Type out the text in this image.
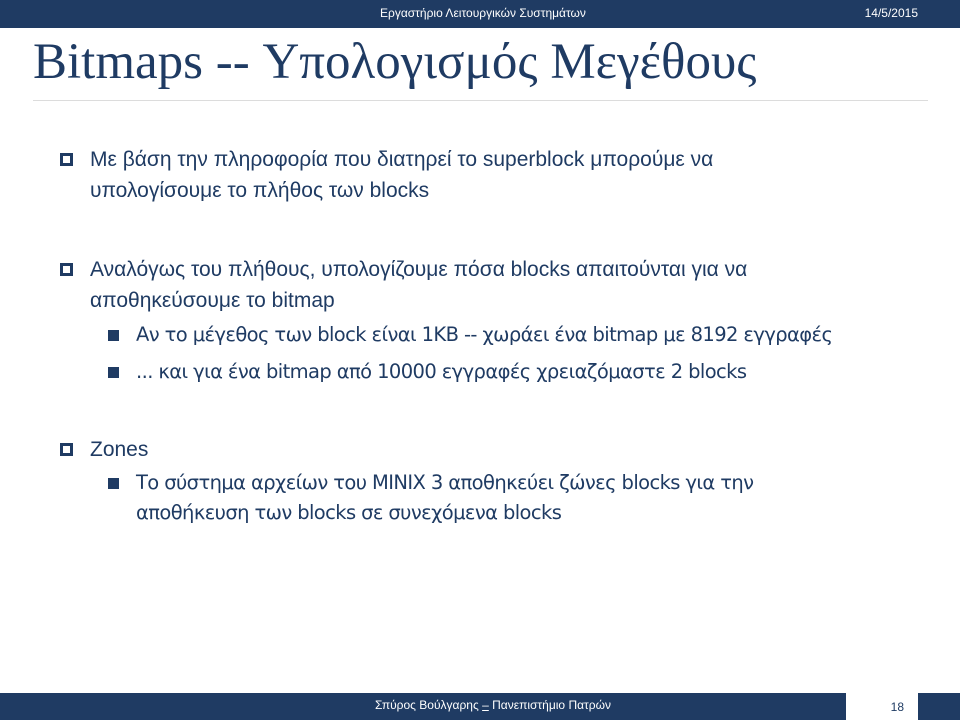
Εργαστήριο Λειτουργικών Συστημάτων	14/5/2015
Bitmaps -- Υπολογισμός Μεγέθους
Με βάση την πληροφορία που διατηρεί το superblock μπορούμε να
υπολογίσουμε το πλήθος των blocks
Αναλόγως του πλήθους, υπολογίζουμε πόσα blocks απαιτούνται για να
αποθηκεύσουμε το bitmap
Αν το μέγεθος των block είναι 1KB -- χωράει ένα bitmap με 8192 εγγραφές
... και για ένα bitmap από 10000 εγγραφές χρειαζόμαστε 2 blocks
Zones
Το σύστημα αρχείων του MINIX 3 αποθηκεύει ζώνες blocks για την
αποθήκευση των blocks σε συνεχόμενα blocks
Σπύρος Βούλγαρης – Πανεπιστήμιο Πατρών	18
